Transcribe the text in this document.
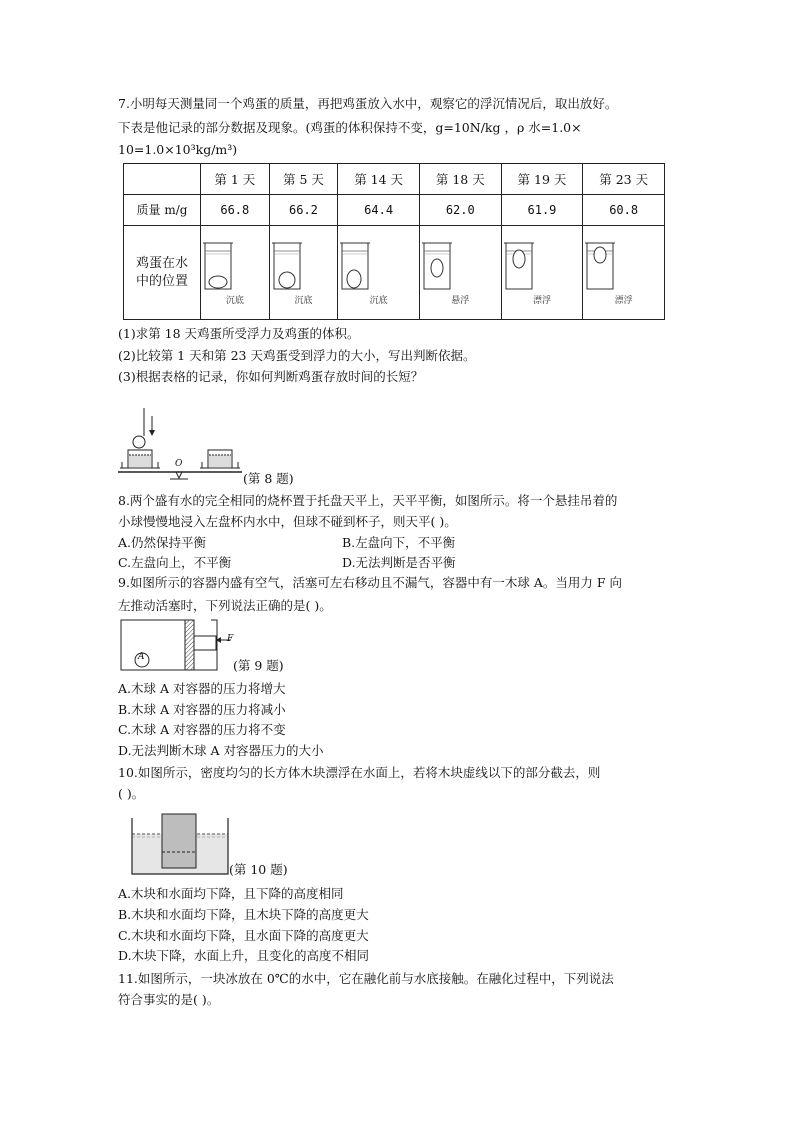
7.小明每天测量同一个鸡蛋的质量，再把鸡蛋放入水中，观察它的浮沉情况后，取出放好。
下表是他记录的部分数据及现象。(鸡蛋的体积保持不变，g=10N/kg ，ρ 水=1.0×
10=1.0×10³kg/m³)
	第 1 天	第 5 天	第 14 天	第 18 天	第 19 天	第 23 天
质量 m/g	66.8	66.2	64.4	62.0	61.9	60.8
鸡蛋在水
中的位置	沉底	沉底	沉底	悬浮	漂浮	漂浮
(1)求第 18 天鸡蛋所受浮力及鸡蛋的体积。
(2)比较第 1 天和第 23 天鸡蛋受到浮力的大小，写出判断依据。
(3)根据表格的记录，你如何判断鸡蛋存放时间的长短？
O
(第 8 题)
8.两个盛有水的完全相同的烧杯置于托盘天平上，天平平衡，如图所示。将一个悬挂吊着的
小球慢慢地浸入左盘杯内水中，但球不碰到杯子，则天平( )。
A.仍然保持平衡	B.左盘向下，不平衡
C.左盘向上，不平衡	D.无法判断是否平衡
9.如图所示的容器内盛有空气，活塞可左右移动且不漏气，容器中有一木球 A。当用力 F 向
左推动活塞时，下列说法正确的是( )。
A
F
(第 9 题)
A.木球 A 对容器的压力将增大
B.木球 A 对容器的压力将减小
C.木球 A 对容器的压力将不变
D.无法判断木球 A 对容器压力的大小
10.如图所示，密度均匀的长方体木块漂浮在水面上，若将木块虚线以下的部分截去，则
( )。
(第 10 题)
A.木块和水面均下降，且下降的高度相同
B.木块和水面均下降，且木块下降的高度更大
C.木块和水面均下降，且水面下降的高度更大
D.木块下降，水面上升，且变化的高度不相同
11.如图所示，一块冰放在 0℃的水中，它在融化前与水底接触。在融化过程中，下列说法
符合事实的是( )。
